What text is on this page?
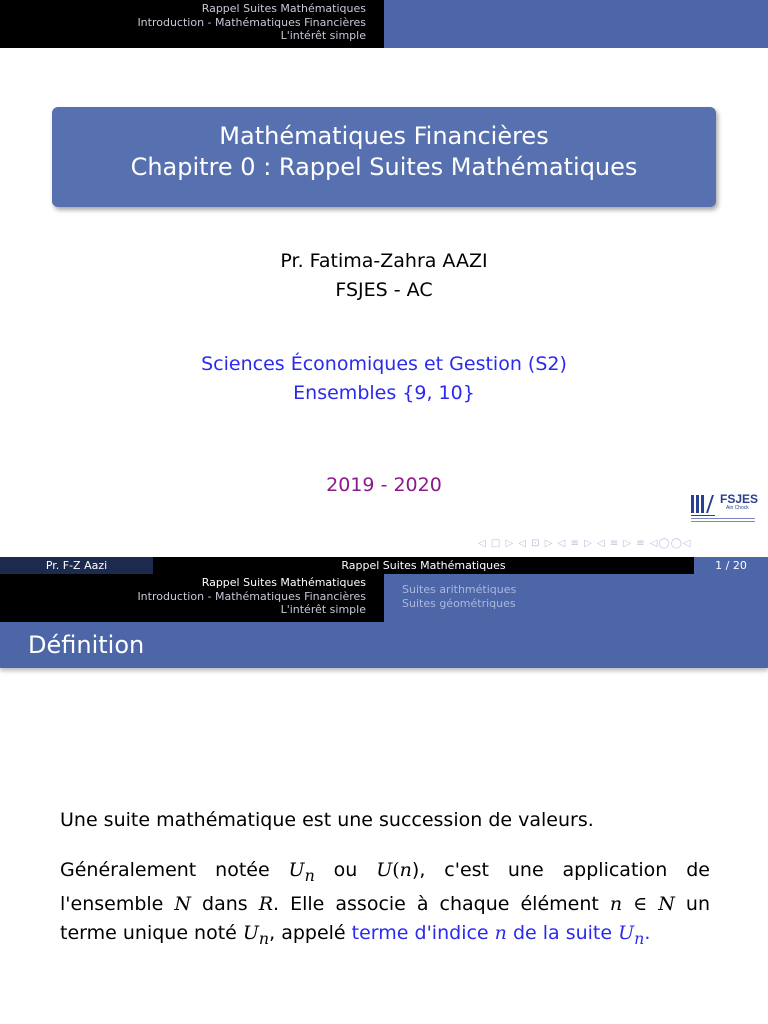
Rappel Suites Mathématiques
Introduction - Mathématiques Financières
L'intérêt simple
Mathématiques Financières
Chapitre 0 : Rappel Suites Mathématiques
Pr. Fatima-Zahra AAZI
FSJES - AC
Sciences Économiques et Gestion (S2)
Ensembles {9, 10}
2019 - 2020
FSJES
Ain Chock
◁ □ ▷ ◁ ⊡ ▷ ◁ ≡ ▷ ◁ ≡ ▷ ≡ ◁◯◯◁
Pr. F-Z Aazi	Rappel Suites Mathématiques	1 / 20
Rappel Suites Mathématiques
Introduction - Mathématiques Financières
L'intérêt simple
Suites arithmétiques
Suites géométriques
Définition
Une suite mathématique est une succession de valeurs.
Généralement notée $U_n$ ou U(n), c'est une application de l'ensemble N dans R. Elle associe à chaque élément n ∈ N un terme unique noté $U_n$, appelé terme d'indice n de la suite $U_n$.
